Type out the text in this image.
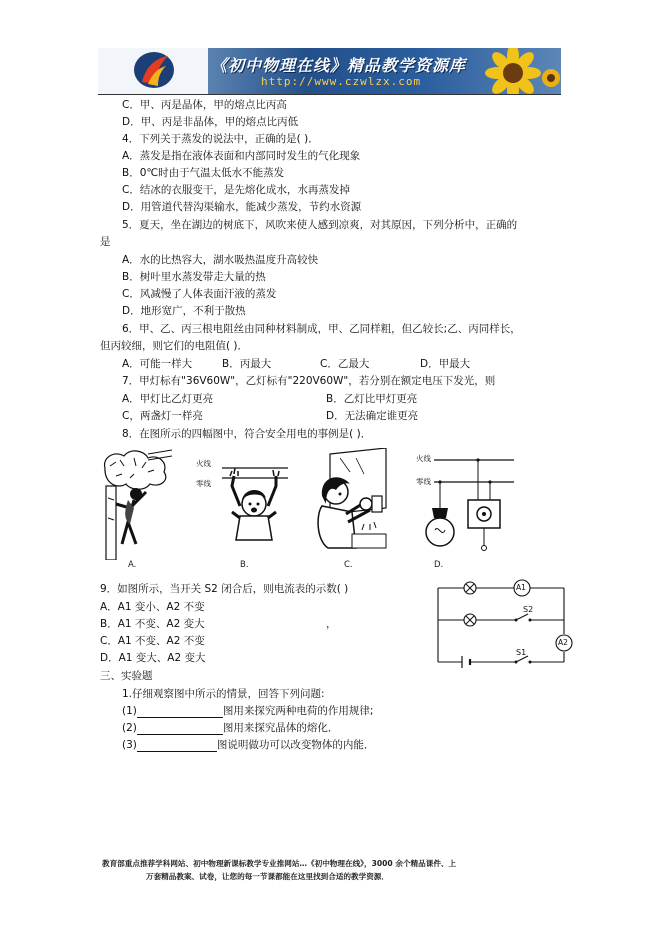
《初中物理在线》精品教学资源库
http://www.czwlzx.com
C．甲、丙是晶体，甲的熔点比丙高
D．甲、丙是非晶体，甲的熔点比丙低
4．下列关于蒸发的说法中，正确的是( )．
A．蒸发是指在液体表面和内部同时发生的气化现象
B．0℃时由于气温太低水不能蒸发
C．结冰的衣服变干，是先熔化成水，水再蒸发掉
D．用管道代替沟渠输水，能减少蒸发，节约水资源
5．夏天，坐在湖边的树底下，风吹来使人感到凉爽，对其原因，下列分析中，正确的
是
A．水的比热容大，湖水吸热温度升高较快
B．树叶里水蒸发带走大量的热
C．风减慢了人体表面汗液的蒸发
D．地形宽广，不利于散热
6．甲、乙、丙三根电阻丝由同种材料制成，甲、乙同样粗，但乙较长;乙、丙同样长，
但丙较细，则它们的电阻值( )．
A．可能一样大	B．丙最大	C．乙最大	D．甲最大
7．甲灯标有"36V60W"，乙灯标有"220V60W"，若分别在额定电压下发光，则
A．甲灯比乙灯更亮	B．乙灯比甲灯更亮
C，两盏灯一样亮	D．无法确定谁更亮
8．在图所示的四幅图中，符合安全用电的事例是( )．
A.
火线
零线
B.	C.
火线
零线
D.
9．如图所示，当开关 S2 闭合后，则电流表的示数( )
A．A1 变小、A2 不变
B．A1 不变、A2 变大	，
C．A1 不变、A2 不变
D．A1 变大、A2 变大
A1
A2
S2
S1
三、实验题
1.仔细观察图中所示的情景，回答下列问题:
(1)	图用来探究两种电荷的作用规律;
(2)	图用来探究晶体的熔化．
(3)	图说明做功可以改变物体的内能．
教育部重点推荐学科网站、初中物理新课标教学专业推网站…《初中物理在线》，3000 余个精品课件、上
万套精品教案、试卷，让您的每一节课都能在这里找到合适的教学资源．
